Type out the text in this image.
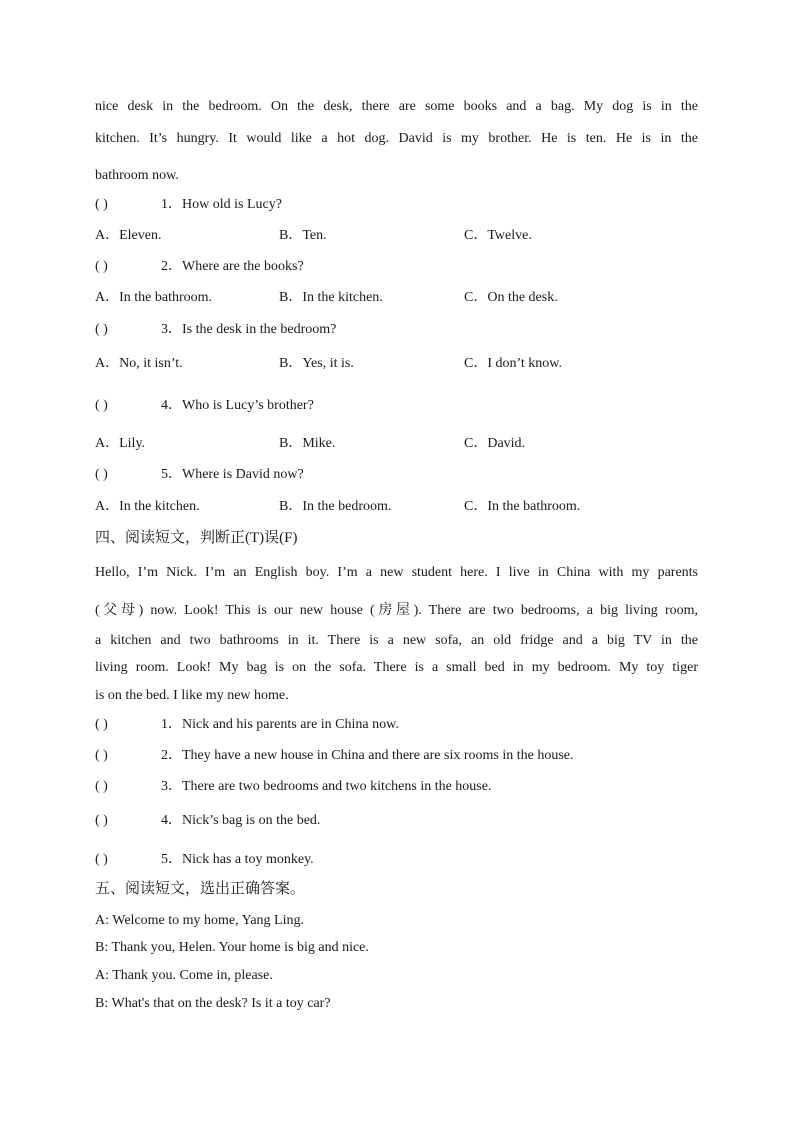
nice desk in the bedroom. On the desk, there are some books and a bag. My dog is in the
kitchen. It’s hungry. It would like a hot dog. David is my brother. He is ten. He is in the
bathroom now.
( )	1．How old is Lucy?
A．Eleven.	B．Ten.	C．Twelve.
( )	2．Where are the books?
A．In the bathroom.	B．In the kitchen.	C．On the desk.
( )	3．Is the desk in the bedroom?
A．No, it isn’t.	B．Yes, it is.	C．I don’t know.
( )	4．Who is Lucy’s brother?
A．Lily.	B．Mike.	C．David.
( )	5．Where is David now?
A．In the kitchen.	B．In the bedroom.	C．In the bathroom.
四、阅读短文，判断正(T)误(F)
Hello, I’m Nick. I’m an English boy. I’m a new student here. I live in China with my parents
(父母) now. Look! This is our new house (房屋). There are two bedrooms, a big living room,
a kitchen and two bathrooms in it. There is a new sofa, an old fridge and a big TV in the
living room. Look! My bag is on the sofa. There is a small bed in my bedroom. My toy tiger
is on the bed. I like my new home.
( )	1．Nick and his parents are in China now.
( )	2．They have a new house in China and there are six rooms in the house.
( )	3．There are two bedrooms and two kitchens in the house.
( )	4．Nick’s bag is on the bed.
( )	5．Nick has a toy monkey.
五、阅读短文，选出正确答案。
A: Welcome to my home, Yang Ling.
B: Thank you, Helen. Your home is big and nice.
A: Thank you. Come in, please.
B: What's that on the desk? Is it a toy car?
